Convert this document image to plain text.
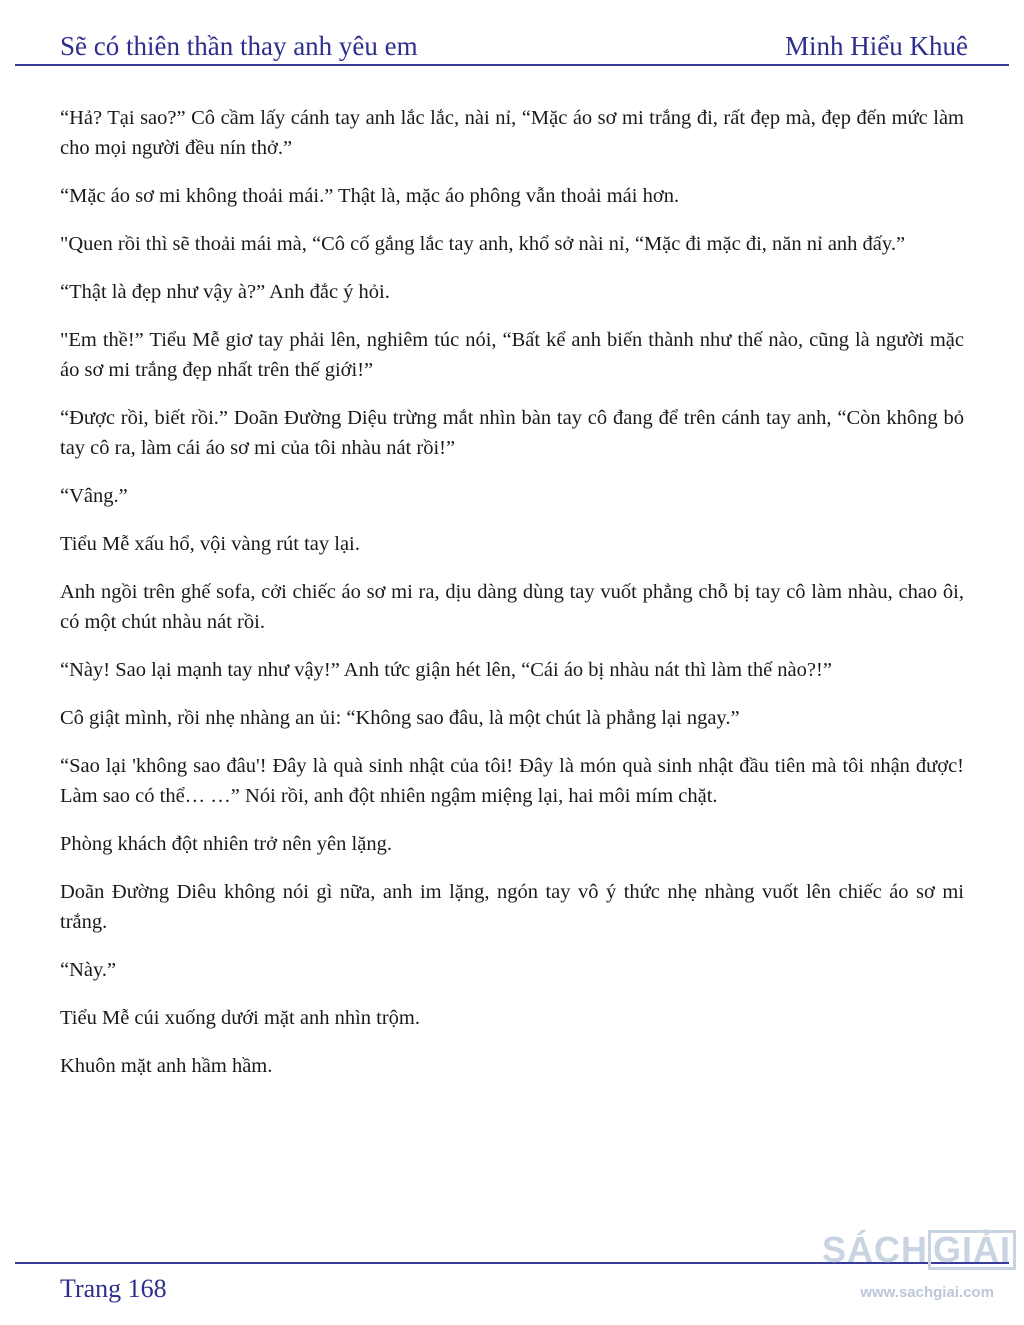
Sẽ có thiên thần thay anh yêu em	Minh Hiểu Khuê

“Hả? Tại sao?” Cô cầm lấy cánh tay anh lắc lắc, nài nỉ, “Mặc áo sơ mi trắng đi, rất đẹp mà, đẹp đến mức làm cho mọi người đều nín thở.”

“Mặc áo sơ mi không thoải mái.” Thật là, mặc áo phông vẫn thoải mái hơn.

"Quen rồi thì sẽ thoải mái mà, “Cô cố gắng lắc tay anh, khổ sở nài nỉ, “Mặc đi mặc đi, năn nỉ anh đấy.”

“Thật là đẹp như vậy à?” Anh đắc ý hỏi.

"Em thề!” Tiểu Mễ giơ tay phải lên, nghiêm túc nói, “Bất kể anh biến thành như thế nào, cũng là người mặc áo sơ mi trắng đẹp nhất trên thế giới!”

“Được rồi, biết rồi.” Doãn Đường Diệu trừng mắt nhìn bàn tay cô đang để trên cánh tay anh, “Còn không bỏ tay cô ra, làm cái áo sơ mi của tôi nhàu nát rồi!”

“Vâng.”

Tiểu Mễ xấu hổ, vội vàng rút tay lại.

Anh ngồi trên ghế sofa, cởi chiếc áo sơ mi ra, dịu dàng dùng tay vuốt phẳng chỗ bị tay cô làm nhàu, chao ôi, có một chút nhàu nát rồi.

“Này! Sao lại mạnh tay như vậy!” Anh tức giận hét lên, “Cái áo bị nhàu nát thì làm thế nào?!”

Cô giật mình, rồi nhẹ nhàng an ủi: “Không sao đâu, là một chút là phẳng lại ngay.”

“Sao lại 'không sao đâu'! Đây là quà sinh nhật của tôi! Đây là món quà sinh nhật đầu tiên mà tôi nhận được! Làm sao có thể… …” Nói rồi, anh đột nhiên ngậm miệng lại, hai môi mím chặt.

Phòng khách đột nhiên trở nên yên lặng.

Doãn Đường Diêu không nói gì nữa, anh im lặng, ngón tay vô ý thức nhẹ nhàng vuốt lên chiếc áo sơ mi trắng.

“Này.”

Tiểu Mễ cúi xuống dưới mặt anh nhìn trộm.

Khuôn mặt anh hầm hầm.

Trang 168
SÁCH GIẢI
www.sachgiai.com
